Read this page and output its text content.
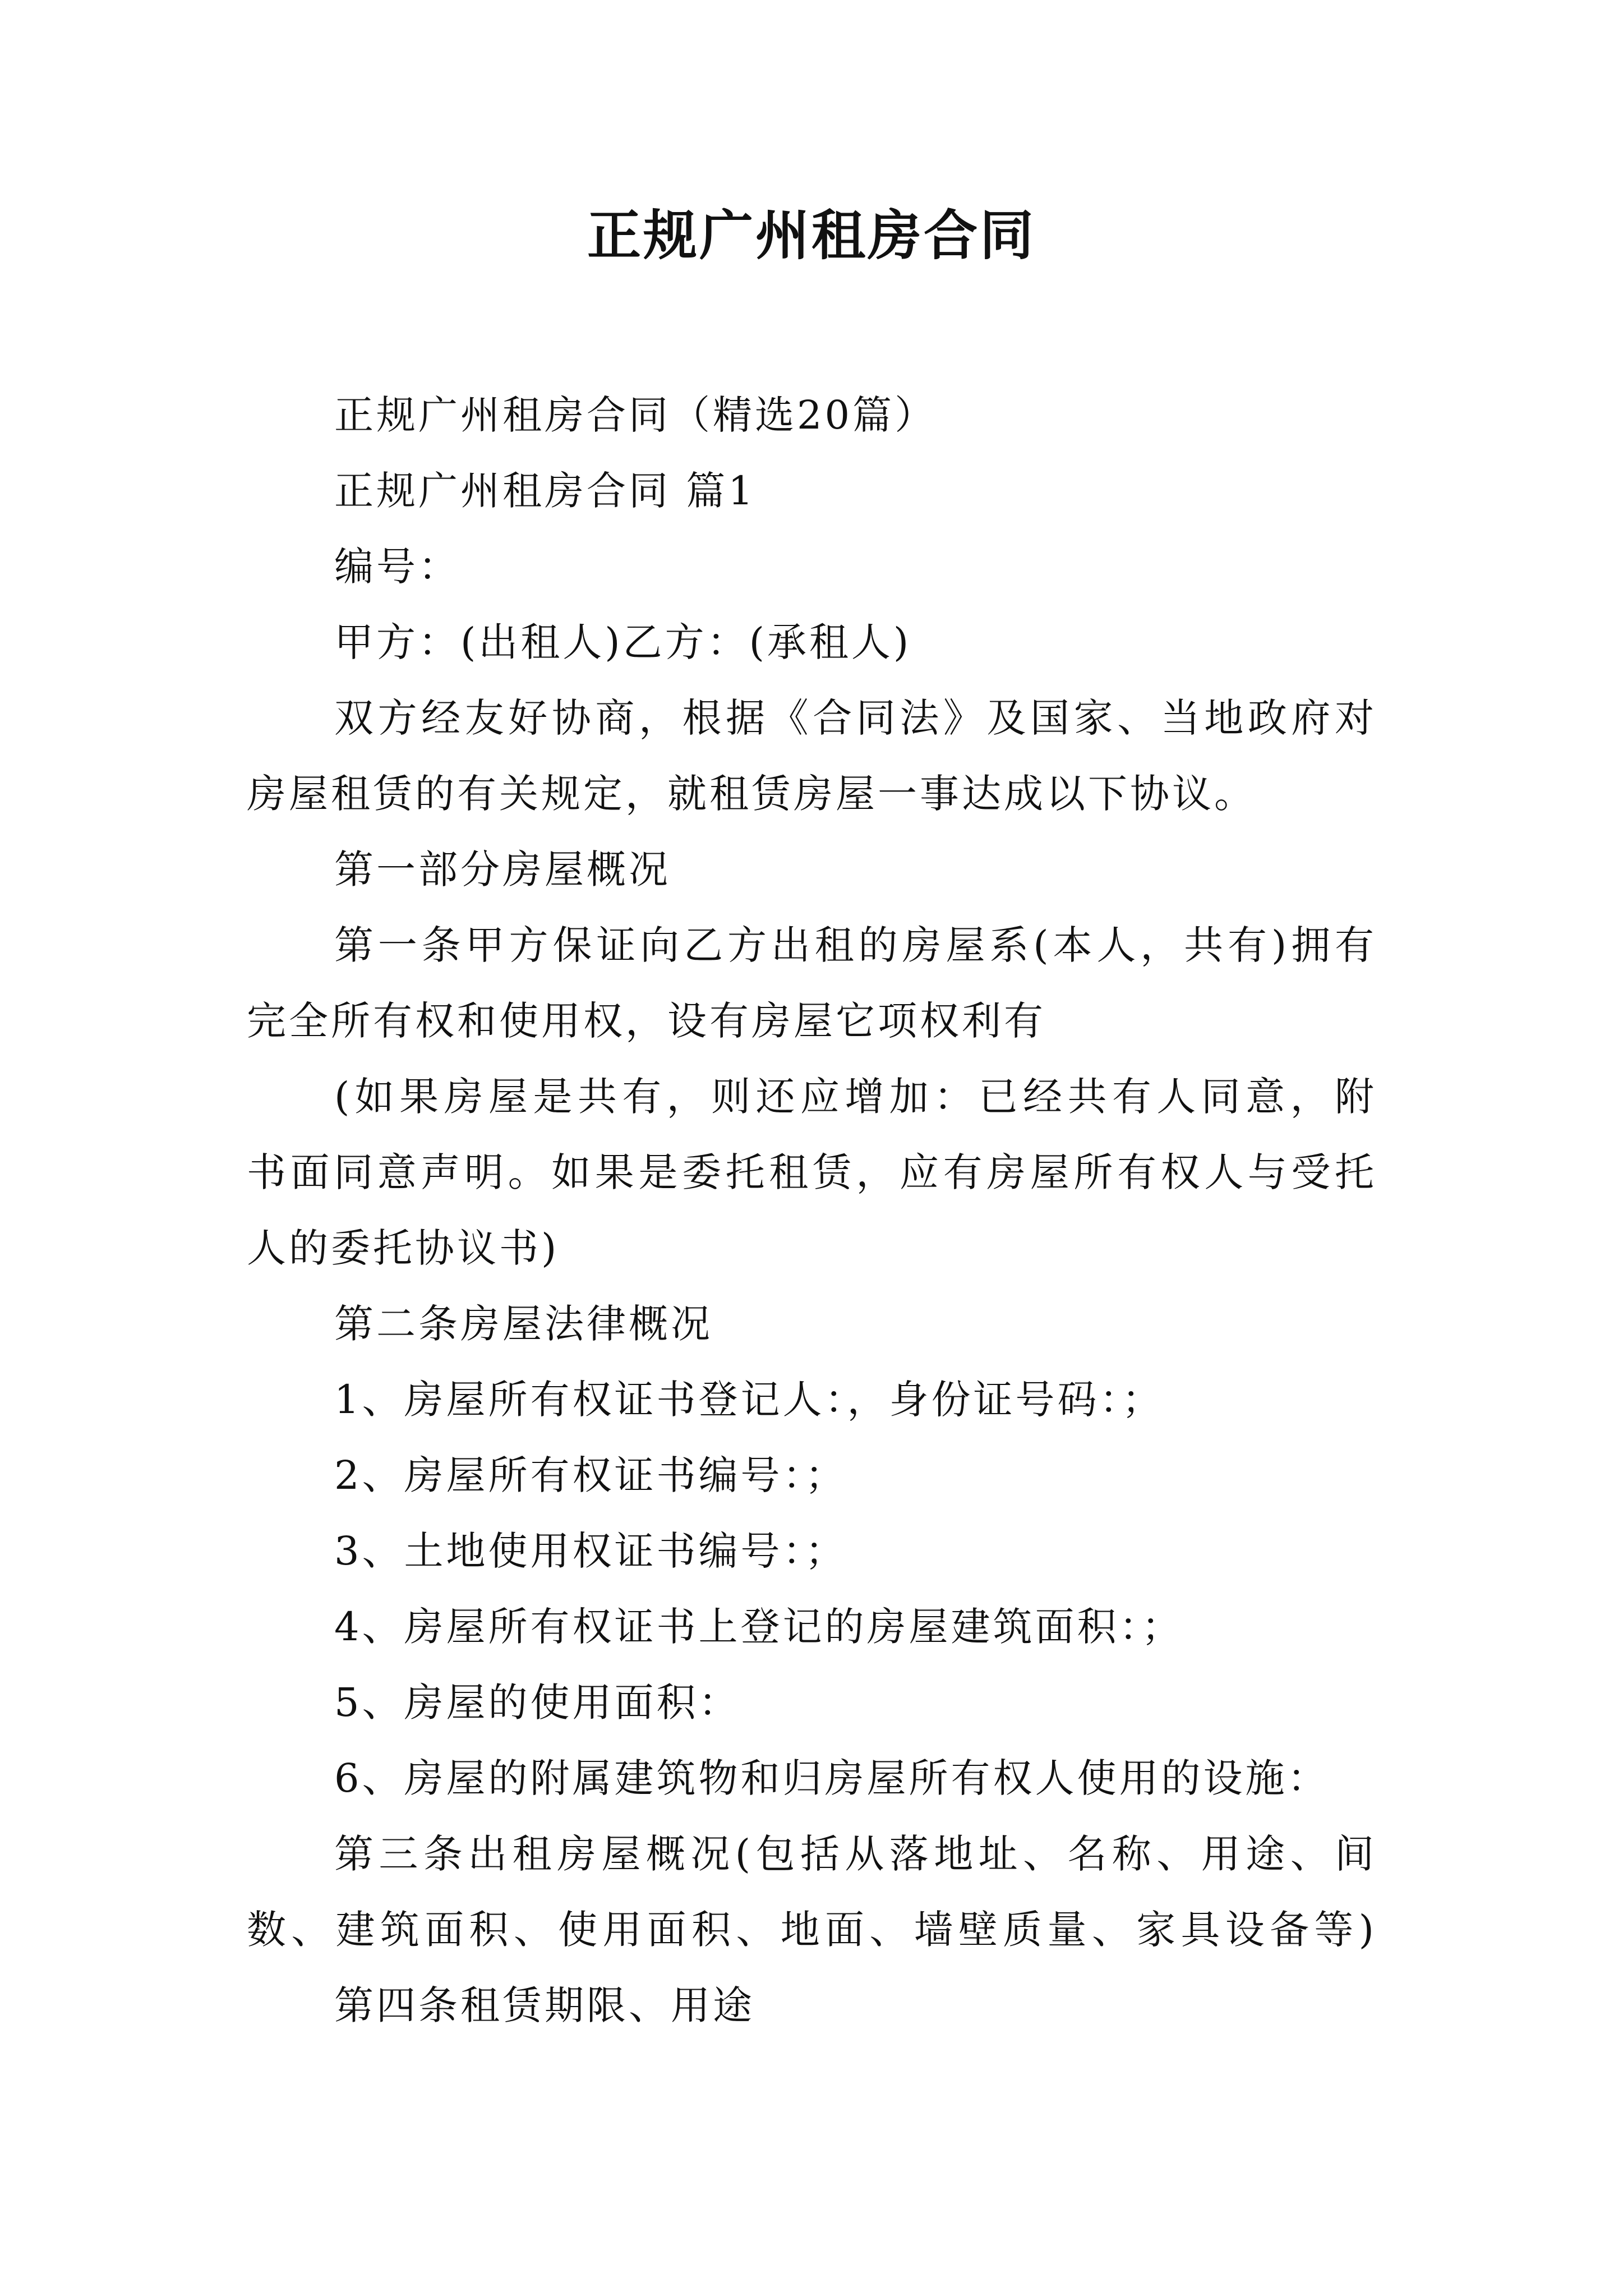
正规广州租房合同
正规广州租房合同（精选20篇）
正规广州租房合同 篇1
编号：
甲方：(出租人)乙方：(承租人)
双方经友好协商，根据《合同法》及国家、当地政府对
房屋租赁的有关规定，就租赁房屋一事达成以下协议。
第一部分房屋概况
第一条甲方保证向乙方出租的房屋系(本人，共有)拥有
完全所有权和使用权，设有房屋它项权利有
(如果房屋是共有，则还应增加：已经共有人同意，附
书面同意声明。如果是委托租赁，应有房屋所有权人与受托
人的委托协议书)
第二条房屋法律概况
1、房屋所有权证书登记人：，身份证号码：；
2、房屋所有权证书编号：；
3、土地使用权证书编号：；
4、房屋所有权证书上登记的房屋建筑面积：；
5、房屋的使用面积：
6、房屋的附属建筑物和归房屋所有权人使用的设施：
第三条出租房屋概况(包括从落地址、名称、用途、间
数、建筑面积、使用面积、地面、墙壁质量、家具设备等)
第四条租赁期限、用途
